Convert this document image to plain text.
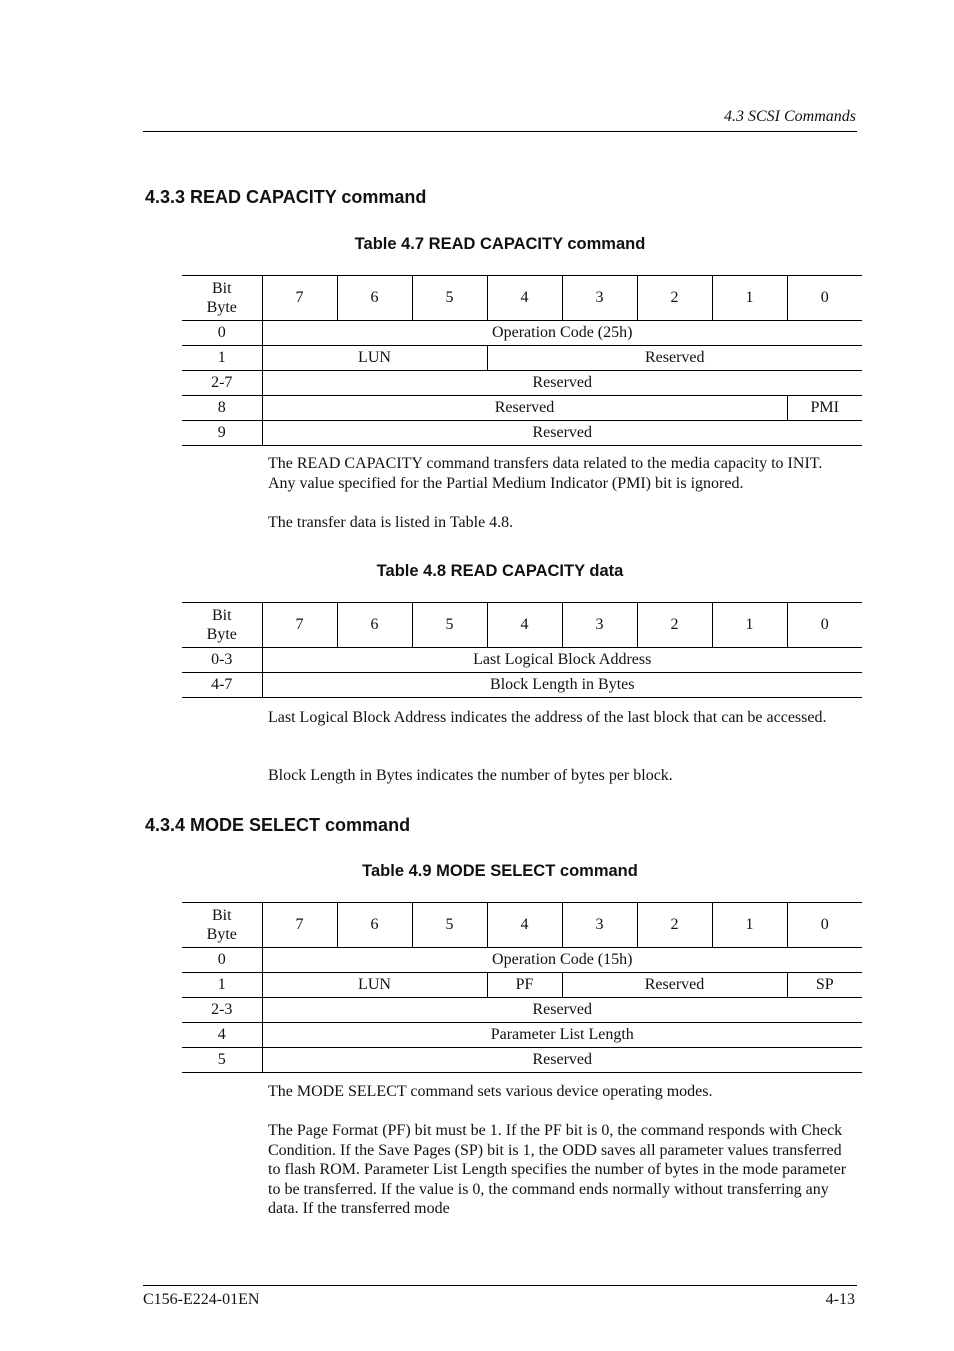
4.3 SCSI Commands
4.3.3 READ CAPACITY command
Table 4.7 READ CAPACITY command
Bit
Byte	7	6	5	4	3	2	1	0
0	Operation Code (25h)							
1	LUN			Reserved				
2-7	Reserved							
8	Reserved							PMI
9	Reserved							
The READ CAPACITY command transfers data related to the media capacity to INIT. Any value specified for the Partial Medium Indicator (PMI) bit is ignored.
The transfer data is listed in Table 4.8.
Table 4.8 READ CAPACITY data
Bit
Byte	7	6	5	4	3	2	1	0
0-3	Last Logical Block Address							
4-7	Block Length in Bytes							
Last Logical Block Address indicates the address of the last block that can be accessed.
Block Length in Bytes indicates the number of bytes per block.
4.3.4 MODE SELECT command
Table 4.9 MODE SELECT command
Bit
Byte	7	6	5	4	3	2	1	0
0	Operation Code (15h)							
1	LUN			PF	Reserved			SP
2-3	Reserved							
4	Parameter List Length							
5	Reserved							
The MODE SELECT command sets various device operating modes.
The Page Format (PF) bit must be 1. If the PF bit is 0, the command responds with Check Condition. If the Save Pages (SP) bit is 1, the ODD saves all parameter values transferred to flash ROM. Parameter List Length specifies the number of bytes in the mode parameter to be transferred. If the value is 0, the command ends normally without transferring any data. If the transferred mode
C156-E224-01EN	4-13
